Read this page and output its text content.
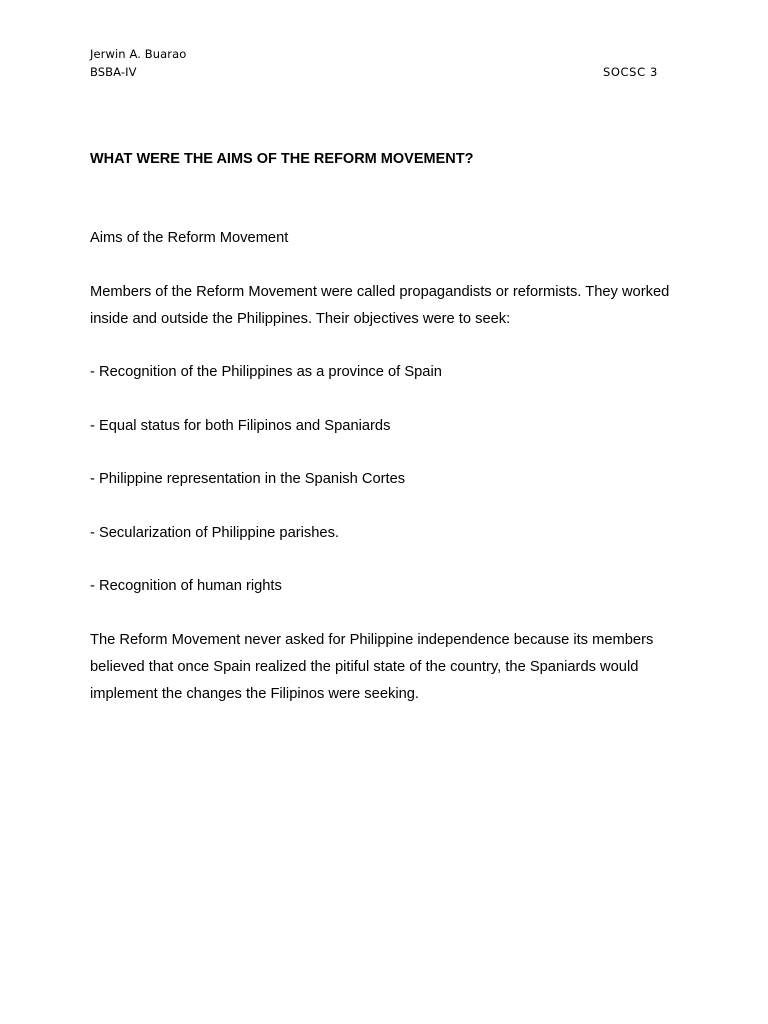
Jerwin A. Buarao
BSBA-IV	SOCSC 3
WHAT WERE THE AIMS OF THE REFORM MOVEMENT?

Aims of the Reform Movement

Members of the Reform Movement were called propagandists or reformists. They worked inside and outside the Philippines. Their objectives were to seek:

- Recognition of the Philippines as a province of Spain

- Equal status for both Filipinos and Spaniards

- Philippine representation in the Spanish Cortes

- Secularization of Philippine parishes.

- Recognition of human rights

The Reform Movement never asked for Philippine independence because its members believed that once Spain realized the pitiful state of the country, the Spaniards would implement the changes the Filipinos were seeking.
